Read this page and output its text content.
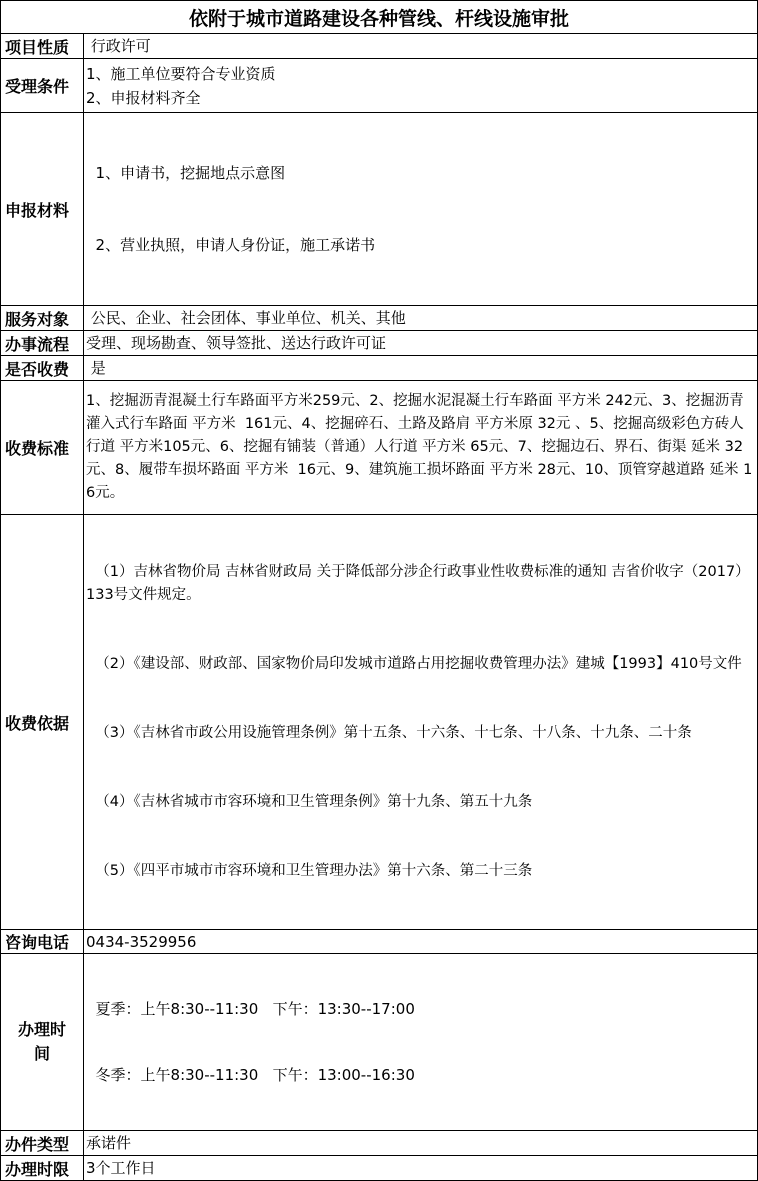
依附于城市道路建设各种管线、杆线设施审批	
项目性质	行政许可
受理条件	1、施工单位要符合专业资质
2、申报材料齐全

申报材料	1、申请书，挖掘地点示意图

2、营业执照，申请人身份证，施工承诺书

服务对象	公民、企业、社会团体、事业单位、机关、其他
办事流程	受理、现场勘查、领导签批、送达行政许可证
是否收费	是
收费标准	1、挖掘沥青混凝土行车路面平方米259元、2、挖掘水泥混凝土行车路面 平方米 242元、3、挖掘沥青灌入式行车路面 平方米  161元、4、挖掘碎石、土路及路肩 平方米原 32元 、5、挖掘高级彩色方砖人行道 平方米105元、6、挖掘有铺装（普通）人行道 平方米 65元、7、挖掘边石、界石、街渠 延米 32元、8、履带车损坏路面 平方米  16元、9、建筑施工损坏路面 平方米 28元、10、顶管穿越道路 延米 16元。
收费依据	（1）吉林省物价局 吉林省财政局 关于降低部分涉企行政事业性收费标准的通知 吉省价收字（2017）133号文件规定。

（2）《建设部、财政部、国家物价局印发城市道路占用挖掘收费管理办法》建城【1993】410号文件

（3）《吉林省市政公用设施管理条例》第十五条、十六条、十七条、十八条、十九条、二十条

（4）《吉林省城市市容环境和卫生管理条例》第十九条、第五十九条

（5）《四平市城市市容环境和卫生管理办法》第十六条、第二十三条

咨询电话	0434-3529956
办理时间	夏季：上午8:30--11:30   下午：13:30--17:00

冬季：上午8:30--11:30   下午：13:00--16:30

办件类型	承诺件
办理时限	3个工作日
